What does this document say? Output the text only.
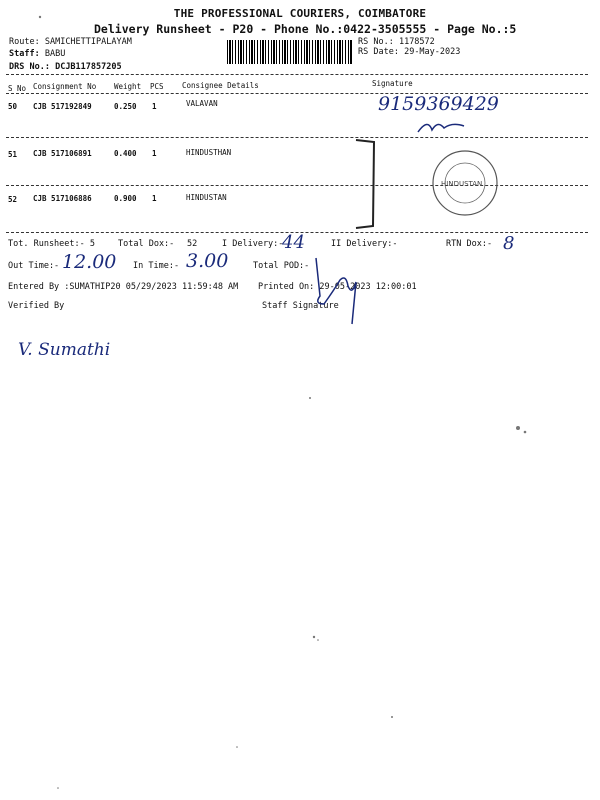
THE PROFESSIONAL COURIERS, COIMBATORE
Delivery Runsheet - P20 - Phone No.:0422-3505555 - Page No.:5
Route: SAMICHETTIPALAYAM
Staff: BABU
DRS No.: DCJB117857205
RS No.: 1178572
RS Date: 29-May-2023
S No Consignment No Weight PCS Consignee Details	Signature
50 CJB 517192849	0.250 1	VALAVAN
51 CJB 517106891	0.400 1	HINDUSTHAN
52 CJB 517106886	0.900 1	HINDUSTAN
Tot. Runsheet:- 5	Total Dox:- 52	I Delivery:-	II Delivery:-	RTN Dox:-
Out Time:-	In Time:-	Total POD:-
Entered By :SUMATHIP20 05/29/2023 11:59:48 AM Printed On: 29-05-2023 12:00:01
Verified By	Staff Signature
9159369429
44	8
12.00	3.00
V. Sumathi
HINDUSTAN
